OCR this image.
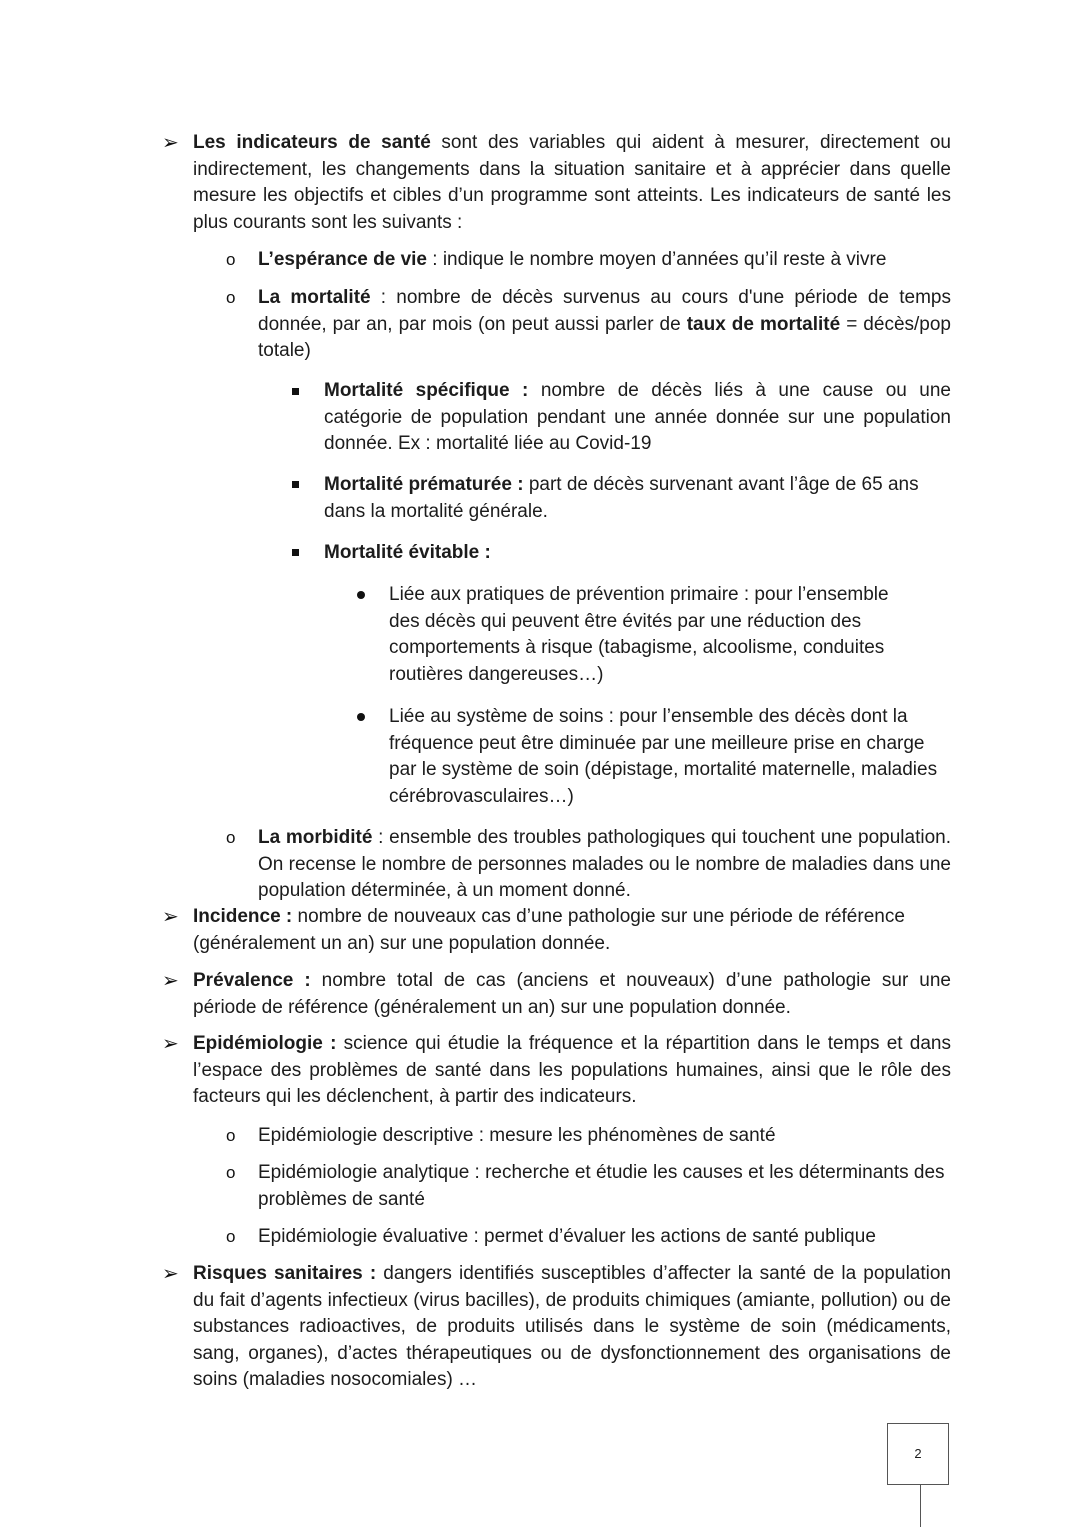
➢ Les indicateurs de santé sont des variables qui aident à mesurer, directement ou indirectement, les changements dans la situation sanitaire et à apprécier dans quelle mesure les objectifs et cibles d’un programme sont atteints. Les indicateurs de santé les plus courants sont les suivants :

o L’espérance de vie : indique le nombre moyen d’années qu’il reste à vivre

o La mortalité : nombre de décès survenus au cours d'une période de temps donnée, par an, par mois (on peut aussi parler de taux de mortalité = décès/pop totale)

Mortalité spécifique : nombre de décès liés à une cause ou une catégorie de population pendant une année donnée sur une population donnée. Ex : mortalité liée au Covid-19

Mortalité prématurée : part de décès survenant avant l’âge de 65 ans dans la mortalité générale.

Mortalité évitable :

Liée aux pratiques de prévention primaire : pour l’ensemble des décès qui peuvent être évités par une réduction des comportements à risque (tabagisme, alcoolisme, conduites routières dangereuses…)

Liée au système de soins : pour l’ensemble des décès dont la fréquence peut être diminuée par une meilleure prise en charge par le système de soin (dépistage, mortalité maternelle, maladies cérébrovasculaires…)

o La morbidité : ensemble des troubles pathologiques qui touchent une population. On recense le nombre de personnes malades ou le nombre de maladies dans une population déterminée, à un moment donné.

➢ Incidence : nombre de nouveaux cas d’une pathologie sur une période de référence (généralement un an) sur une population donnée.

➢ Prévalence : nombre total de cas (anciens et nouveaux) d’une pathologie sur une période de référence (généralement un an) sur une population donnée.

➢ Epidémiologie : science qui étudie la fréquence et la répartition dans le temps et dans l’espace des problèmes de santé dans les populations humaines, ainsi que le rôle des facteurs qui les déclenchent, à partir des indicateurs.

o Epidémiologie descriptive : mesure les phénomènes de santé

o Epidémiologie analytique : recherche et étudie les causes et les déterminants des problèmes de santé

o Epidémiologie évaluative : permet d’évaluer les actions de santé publique

➢ Risques sanitaires : dangers identifiés susceptibles d’affecter la santé de la population du fait d’agents infectieux (virus bacilles), de produits chimiques (amiante, pollution) ou de substances radioactives, de produits utilisés dans le système de soin (médicaments, sang, organes), d’actes thérapeutiques ou de dysfonctionnement des organisations de soins (maladies nosocomiales) …

2
